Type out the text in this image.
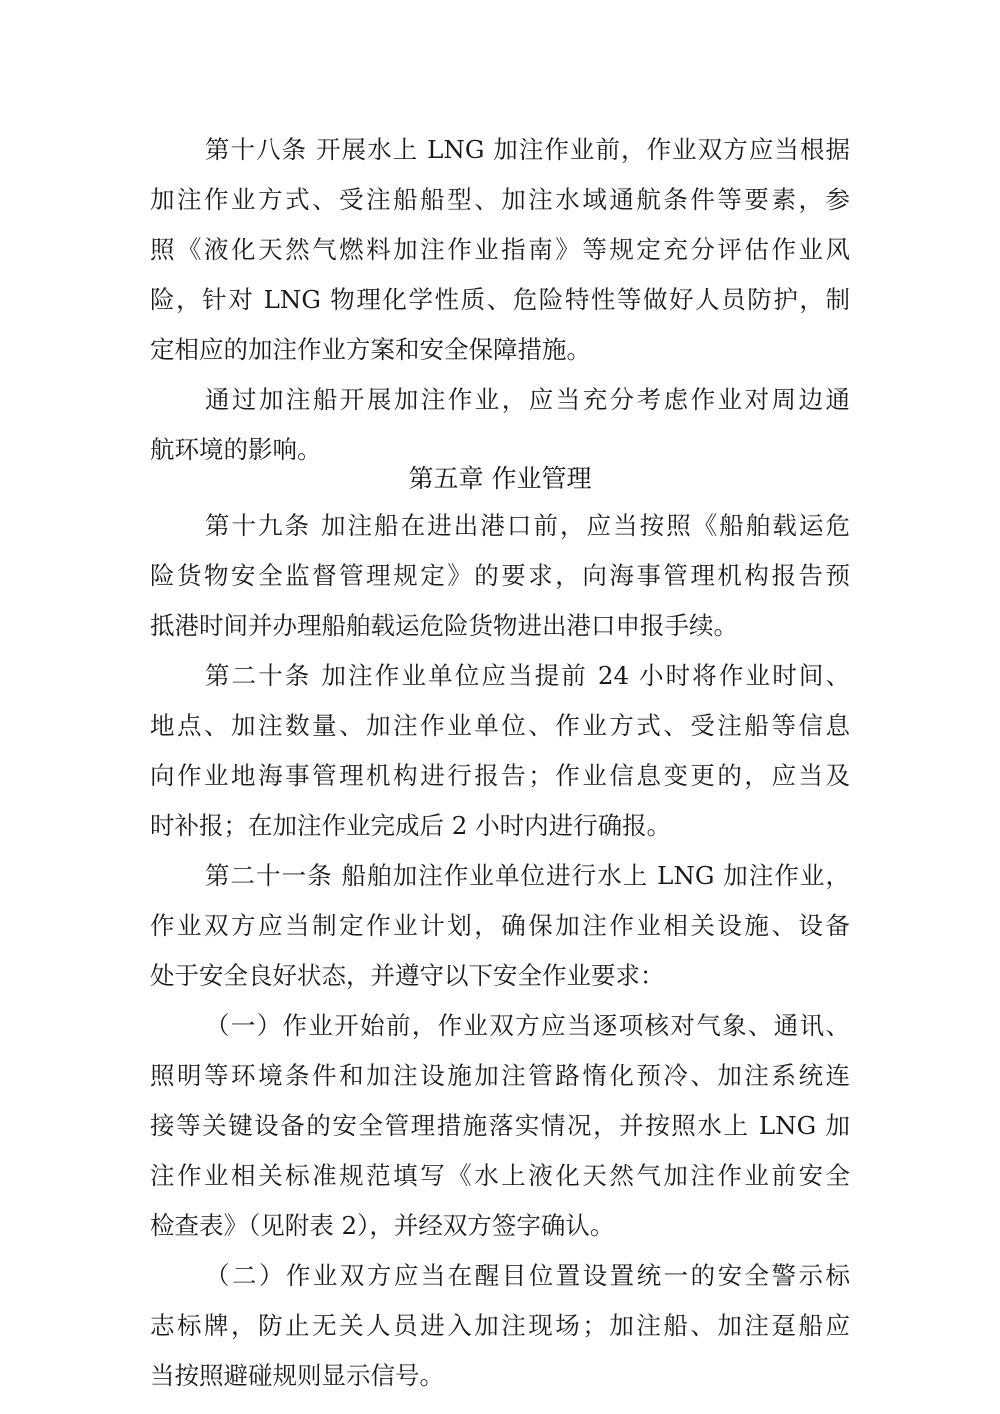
第十八条 开展水上 LNG 加注作业前，作业双方应当根据
加注作业方式、受注船船型、加注水域通航条件等要素，参
照《液化天然气燃料加注作业指南》等规定充分评估作业风
险，针对 LNG 物理化学性质、危险特性等做好人员防护，制
定相应的加注作业方案和安全保障措施。
通过加注船开展加注作业，应当充分考虑作业对周边通
航环境的影响。
第五章 作业管理
第十九条 加注船在进出港口前，应当按照《船舶载运危
险货物安全监督管理规定》的要求，向海事管理机构报告预
抵港时间并办理船舶载运危险货物进出港口申报手续。
第二十条 加注作业单位应当提前 24 小时将作业时间、
地点、加注数量、加注作业单位、作业方式、受注船等信息
向作业地海事管理机构进行报告；作业信息变更的，应当及
时补报；在加注作业完成后 2 小时内进行确报。
第二十一条 船舶加注作业单位进行水上 LNG 加注作业，
作业双方应当制定作业计划，确保加注作业相关设施、设备
处于安全良好状态，并遵守以下安全作业要求：
（一）作业开始前，作业双方应当逐项核对气象、通讯、
照明等环境条件和加注设施加注管路惰化预冷、加注系统连
接等关键设备的安全管理措施落实情况，并按照水上 LNG 加
注作业相关标准规范填写《水上液化天然气加注作业前安全
检查表》（见附表 2），并经双方签字确认。
（二）作业双方应当在醒目位置设置统一的安全警示标
志标牌，防止无关人员进入加注现场；加注船、加注趸船应
当按照避碰规则显示信号。
